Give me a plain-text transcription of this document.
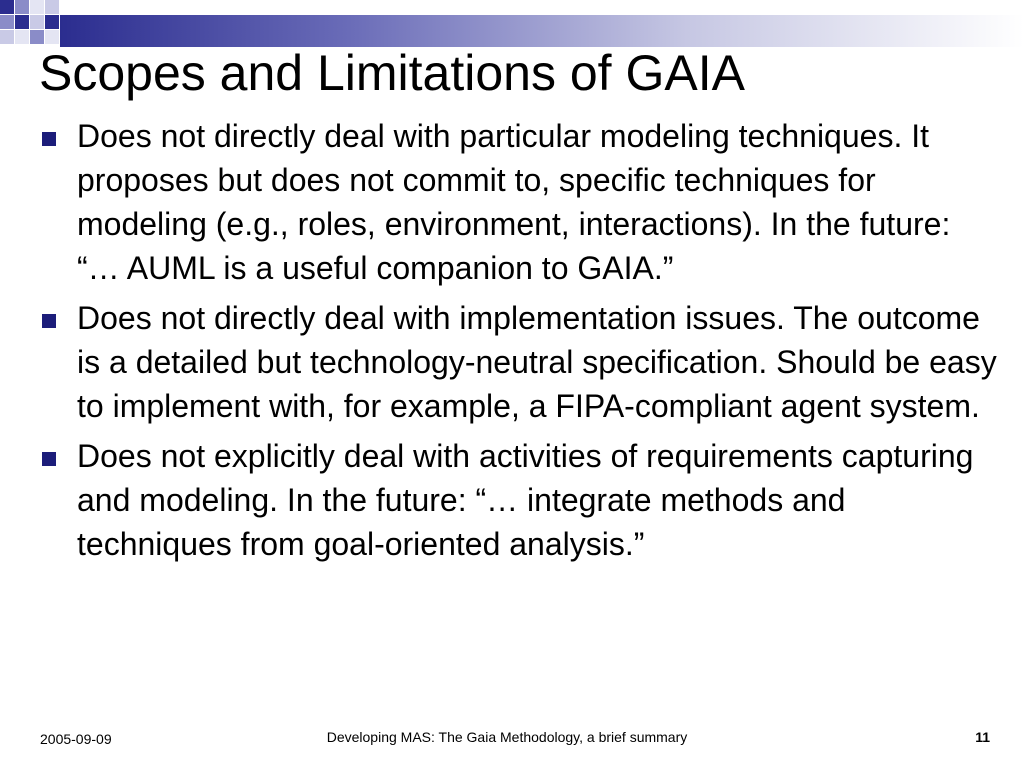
Scopes and Limitations of GAIA
Does not directly deal with particular modeling techniques. It proposes but does not commit to, specific techniques for modeling (e.g., roles, environment, interactions). In the future: “… AUML is a useful companion to GAIA.”
Does not directly deal with implementation issues. The outcome is a detailed but technology-neutral specification. Should be easy to implement with, for example, a FIPA-compliant agent system.
Does not explicitly deal with activities of requirements capturing and modeling. In the future: “… integrate methods and techniques from goal-oriented analysis.”
2005-09-09	Developing MAS: The Gaia Methodology, a brief summary	11
